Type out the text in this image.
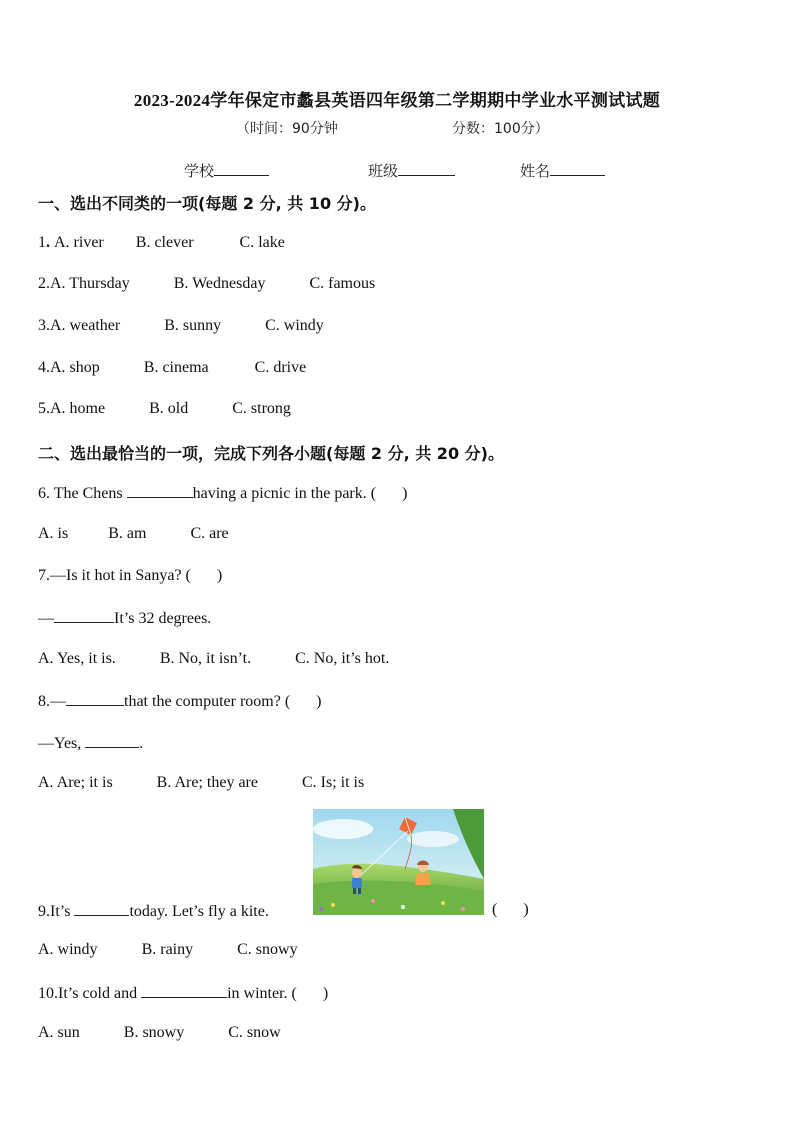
2023-2024学年保定市蠡县英语四年级第二学期期中学业水平测试试题
（时间：90分钟	分数：100分）
学校	班级	姓名
一、选出不同类的一项(每题 2 分, 共 10 分)。
1. A. river B. clever	C. lake
2.A. Thursday	B. Wednesday	C. famous
3.A. weather	B. sunny	C. windy
4.A. shop	B. cinema	C. drive
5.A. home	B. old	C. strong
二、选出最恰当的一项，完成下列各小题(每题 2 分, 共 20 分)。
6. The Chens	having a picnic in the park. ( )
A. is	B. am	C. are
7.—Is it hot in Sanya? ( )
—	It’s 32 degrees.
A. Yes, it is.	B. No, it isn’t.	C. No, it’s hot.
8.—	that the computer room? ( )
—Yes,	.
A. Are; it is	B. Are; they are	C. Is; it is
9.It’s	today. Let’s fly a kite.	( )
A. windy	B. rainy	C. snowy
10.It’s cold and	in winter. ( )
A. sun	B. snowy	C. snow
